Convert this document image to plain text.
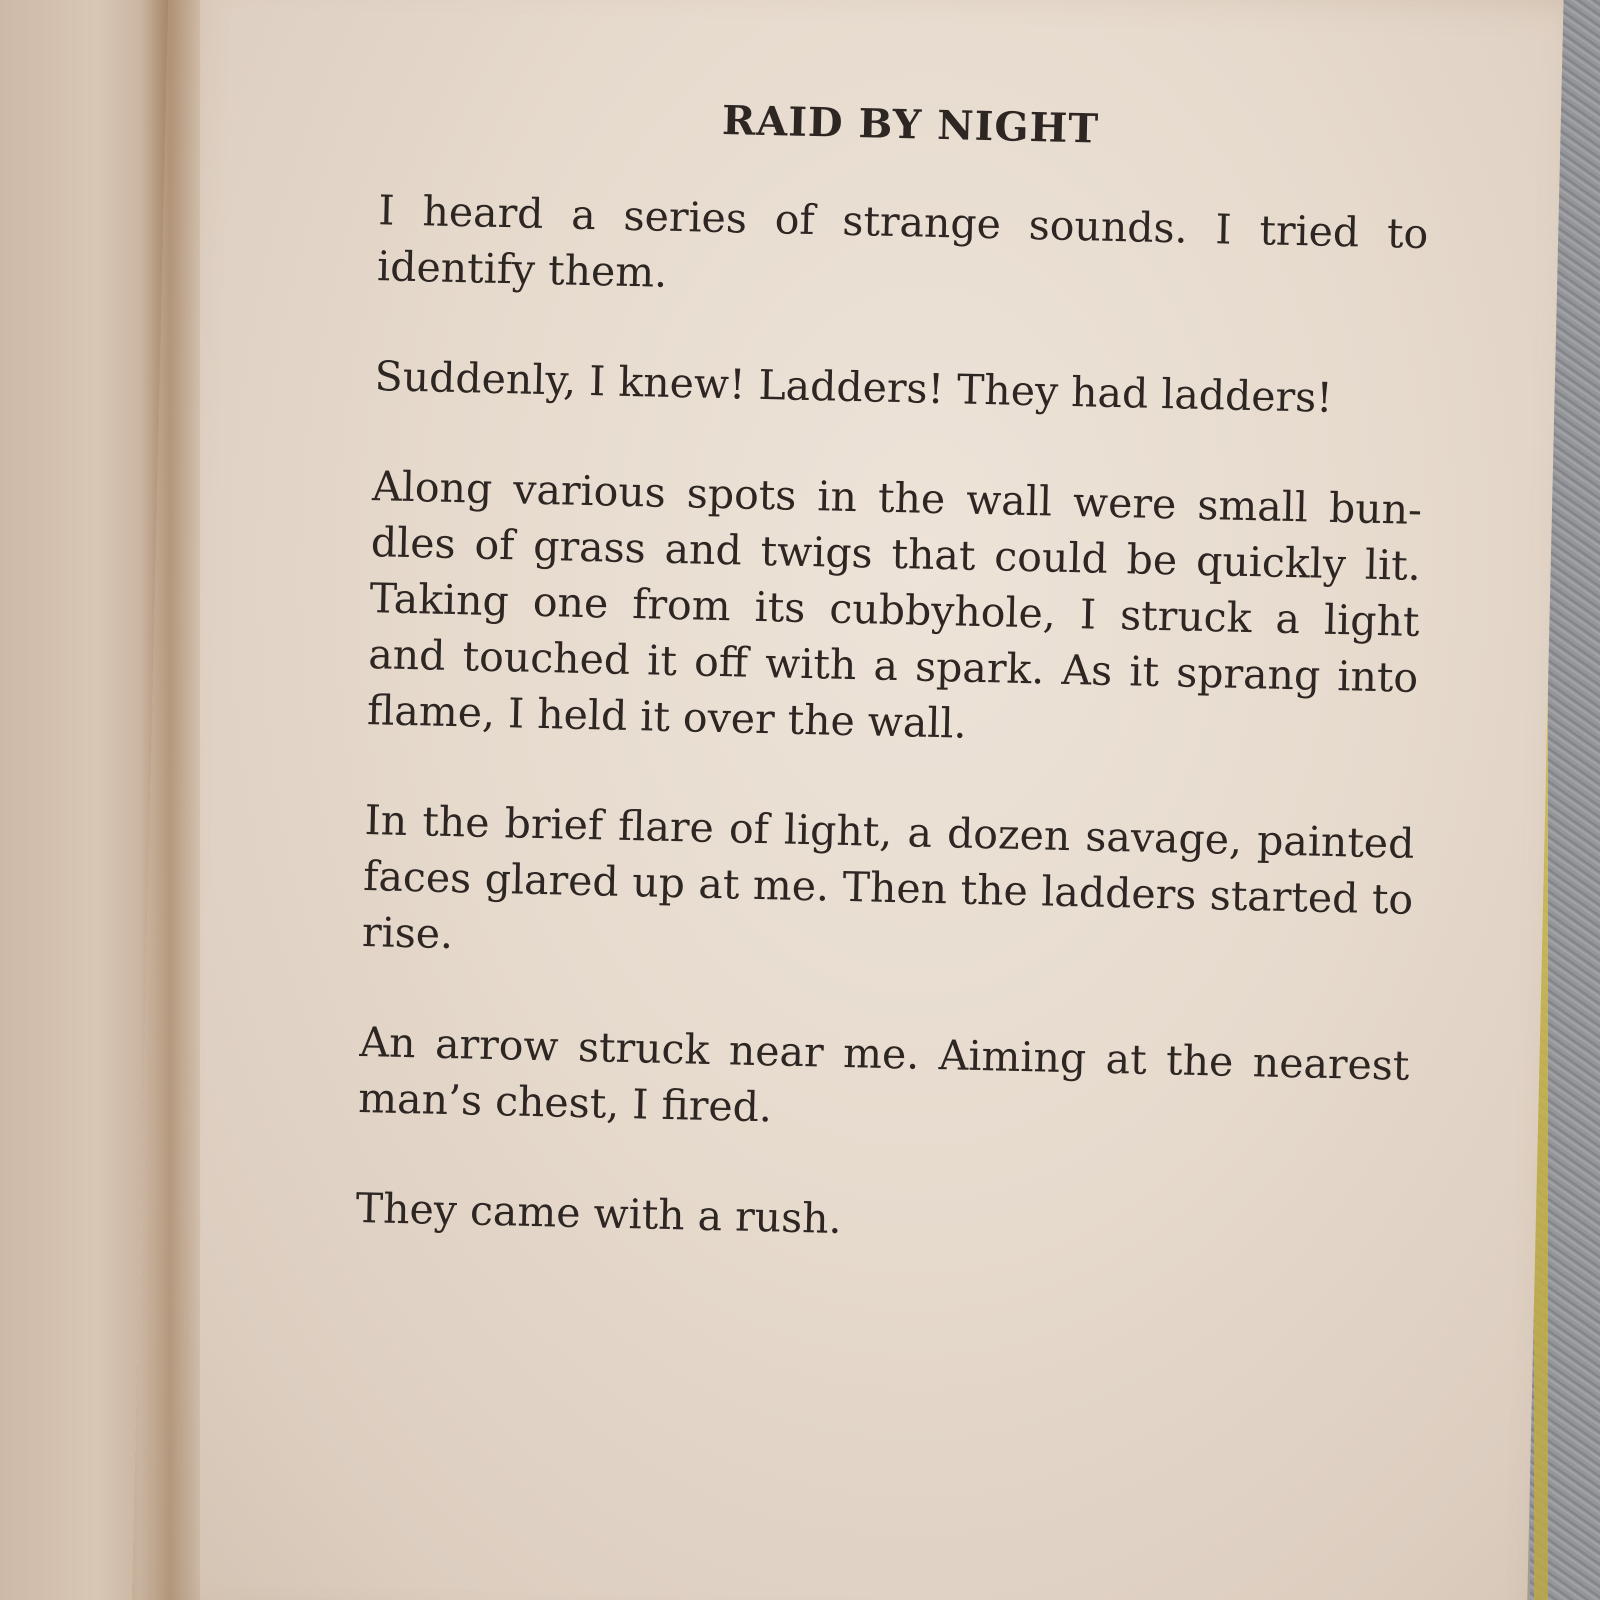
RAID BY NIGHT

I heard a series of strange sounds. I tried to identify them.

Suddenly, I knew! Ladders! They had ladders!

Along various spots in the wall were small bun-dles of grass and twigs that could be quickly lit. Taking one from its cubbyhole, I struck a light and touched it off with a spark. As it sprang into flame, I held it over the wall.

In the brief flare of light, a dozen savage, painted faces glared up at me. Then the ladders started to rise.

An arrow struck near me. Aiming at the nearest man’s chest, I fired.

They came with a rush.
